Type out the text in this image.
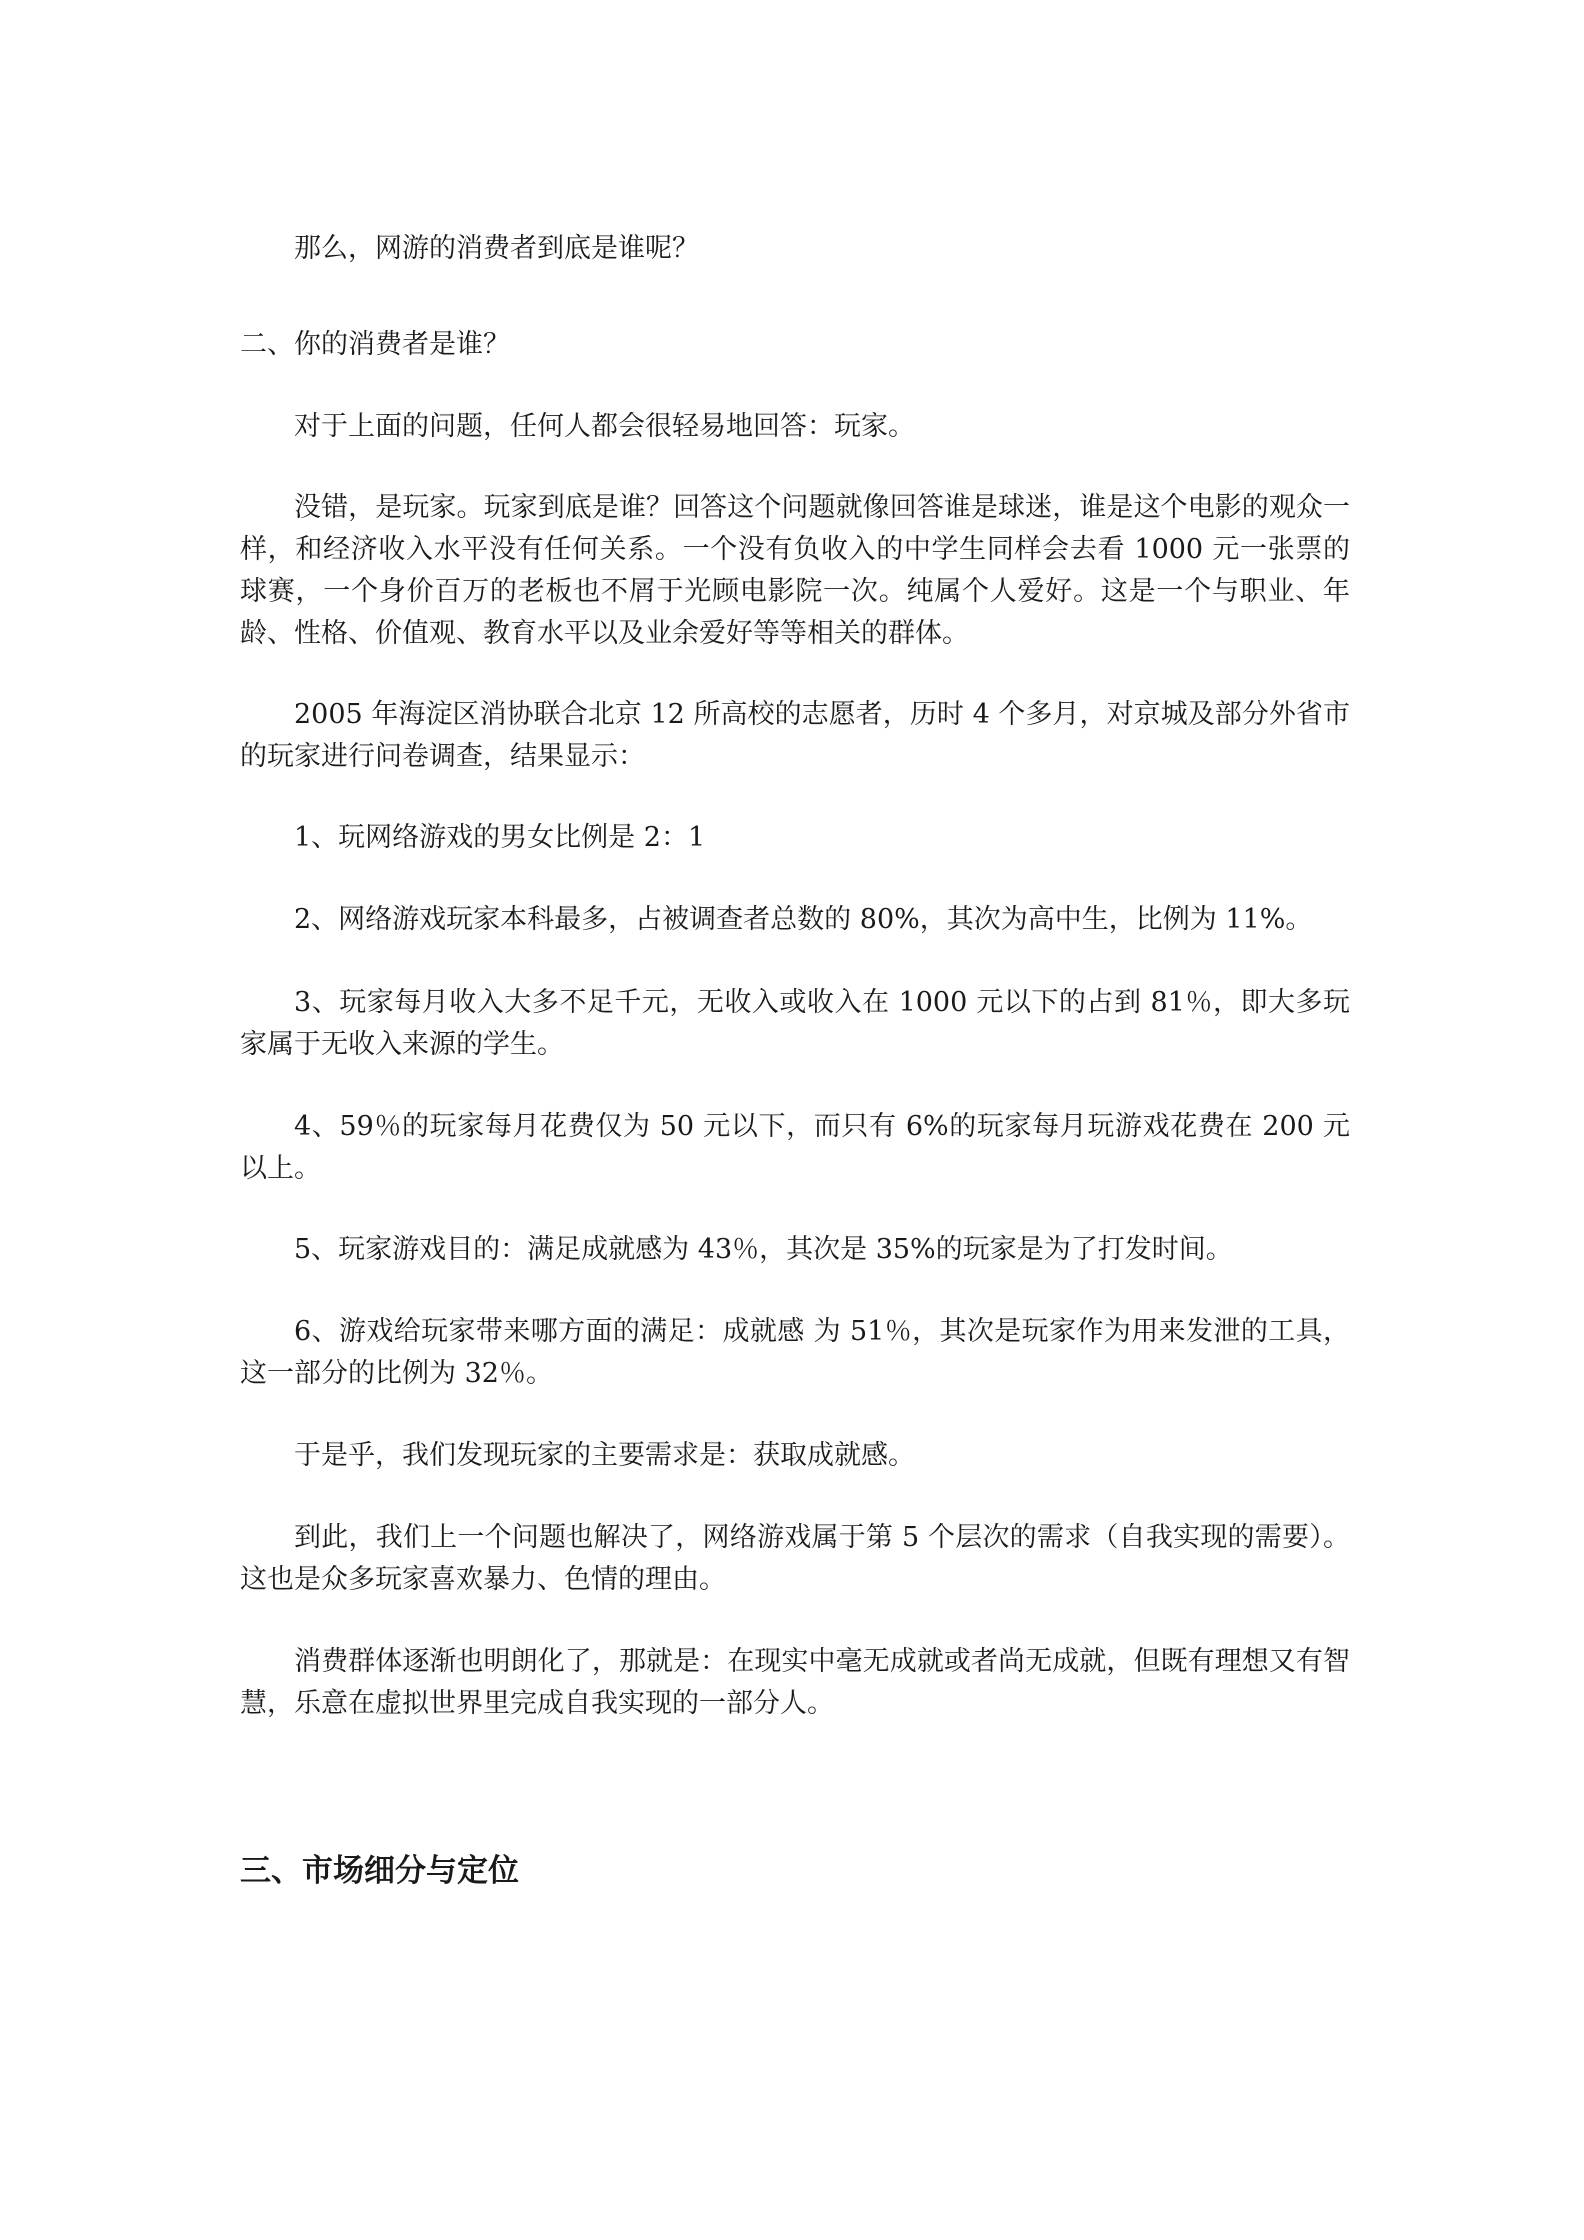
那么，网游的消费者到底是谁呢？

二、你的消费者是谁？

对于上面的问题，任何人都会很轻易地回答：玩家。

没错，是玩家。玩家到底是谁？回答这个问题就像回答谁是球迷，谁是这个电影的观众一样，和经济收入水平没有任何关系。一个没有负收入的中学生同样会去看 1000 元一张票的球赛，一个身价百万的老板也不屑于光顾电影院一次。纯属个人爱好。这是一个与职业、年龄、性格、价值观、教育水平以及业余爱好等等相关的群体。

2005 年海淀区消协联合北京 12 所高校的志愿者，历时 4 个多月，对京城及部分外省市的玩家进行问卷调查，结果显示：

1、玩网络游戏的男女比例是 2：1

2、网络游戏玩家本科最多，占被调查者总数的 80%，其次为高中生，比例为 11%。

3、玩家每月收入大多不足千元，无收入或收入在 1000 元以下的占到 81％，即大多玩家属于无收入来源的学生。

4、59％的玩家每月花费仅为 50 元以下，而只有 6%的玩家每月玩游戏花费在 200 元以上。

5、玩家游戏目的：满足成就感为 43％，其次是 35%的玩家是为了打发时间。

6、游戏给玩家带来哪方面的满足：成就感 为 51％，其次是玩家作为用来发泄的工具，这一部分的比例为 32％。

于是乎，我们发现玩家的主要需求是：获取成就感。

到此，我们上一个问题也解决了，网络游戏属于第 5 个层次的需求（自我实现的需要）。这也是众多玩家喜欢暴力、色情的理由。

消费群体逐渐也明朗化了，那就是：在现实中毫无成就或者尚无成就，但既有理想又有智慧，乐意在虚拟世界里完成自我实现的一部分人。

三、市场细分与定位
